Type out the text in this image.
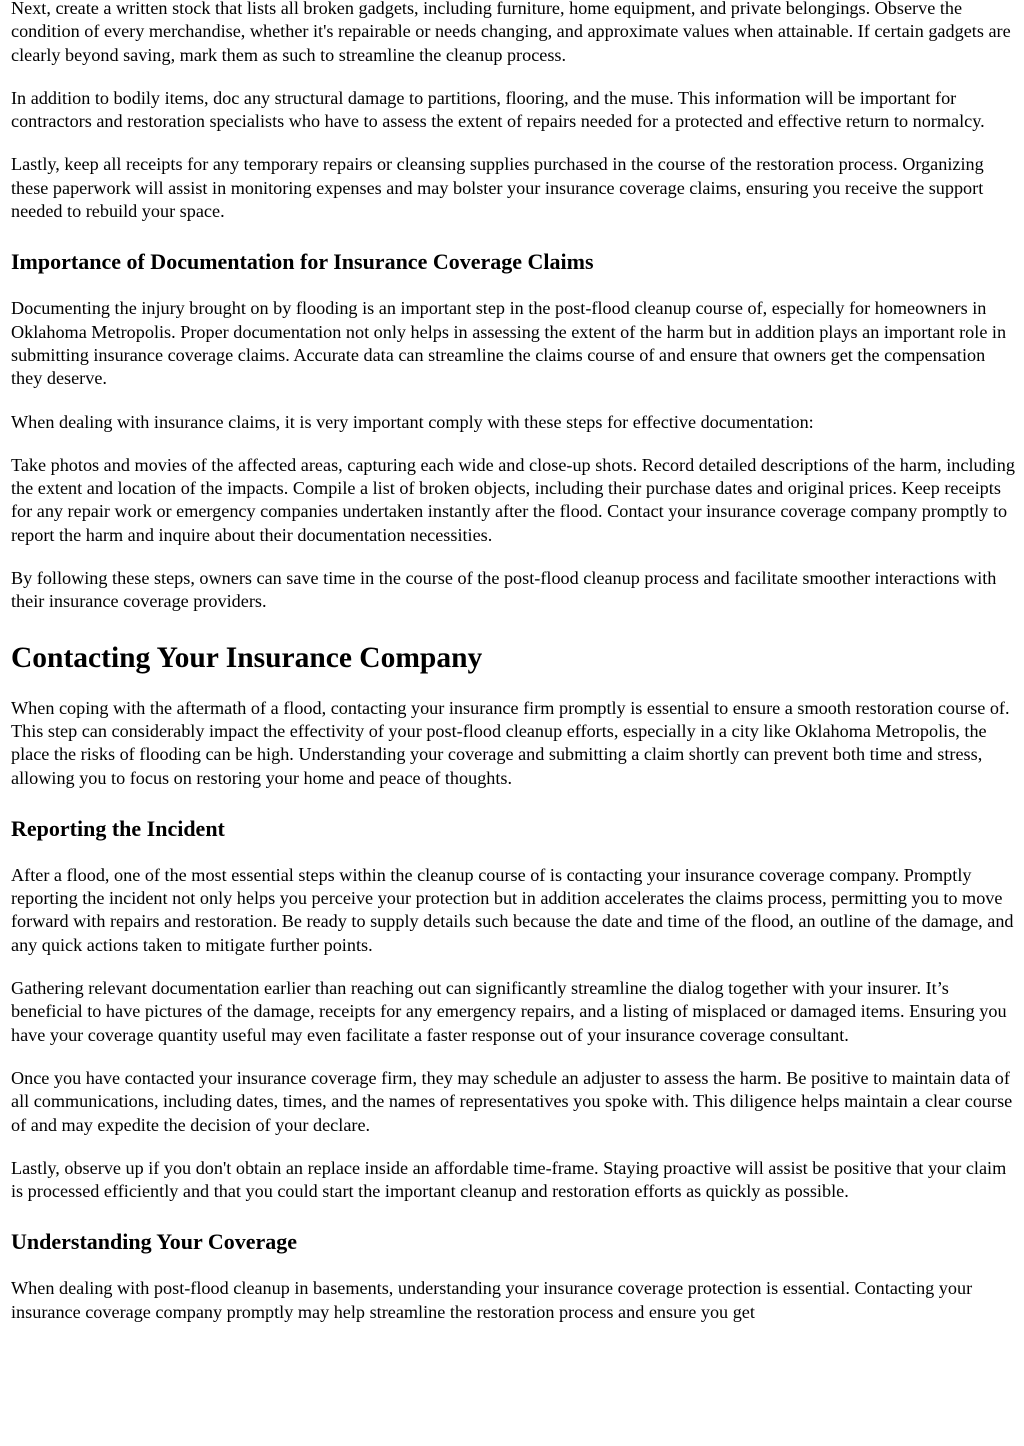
Next, create a written stock that lists all broken gadgets, including furniture, home equipment, and private belongings. Observe the condition of every merchandise, whether it's repairable or needs changing, and approximate values when attainable. If certain gadgets are clearly beyond saving, mark them as such to streamline the cleanup process.

In addition to bodily items, doc any structural damage to partitions, flooring, and the muse. This information will be important for contractors and restoration specialists who have to assess the extent of repairs needed for a protected and effective return to normalcy.

Lastly, keep all receipts for any temporary repairs or cleansing supplies purchased in the course of the restoration process. Organizing these paperwork will assist in monitoring expenses and may bolster your insurance coverage claims, ensuring you receive the support needed to rebuild your space.

Importance of Documentation for Insurance Coverage Claims

Documenting the injury brought on by flooding is an important step in the post-flood cleanup course of, especially for homeowners in Oklahoma Metropolis. Proper documentation not only helps in assessing the extent of the harm but in addition plays an important role in submitting insurance coverage claims. Accurate data can streamline the claims course of and ensure that owners get the compensation they deserve.

When dealing with insurance claims, it is very important comply with these steps for effective documentation:

Take photos and movies of the affected areas, capturing each wide and close-up shots. Record detailed descriptions of the harm, including the extent and location of the impacts. Compile a list of broken objects, including their purchase dates and original prices. Keep receipts for any repair work or emergency companies undertaken instantly after the flood. Contact your insurance coverage company promptly to report the harm and inquire about their documentation necessities.

By following these steps, owners can save time in the course of the post-flood cleanup process and facilitate smoother interactions with their insurance coverage providers.

Contacting Your Insurance Company

When coping with the aftermath of a flood, contacting your insurance firm promptly is essential to ensure a smooth restoration course of. This step can considerably impact the effectivity of your post-flood cleanup efforts, especially in a city like Oklahoma Metropolis, the place the risks of flooding can be high. Understanding your coverage and submitting a claim shortly can prevent both time and stress, allowing you to focus on restoring your home and peace of thoughts.

Reporting the Incident

After a flood, one of the most essential steps within the cleanup course of is contacting your insurance coverage company. Promptly reporting the incident not only helps you perceive your protection but in addition accelerates the claims process, permitting you to move forward with repairs and restoration. Be ready to supply details such because the date and time of the flood, an outline of the damage, and any quick actions taken to mitigate further points.

Gathering relevant documentation earlier than reaching out can significantly streamline the dialog together with your insurer. It’s beneficial to have pictures of the damage, receipts for any emergency repairs, and a listing of misplaced or damaged items. Ensuring you have your coverage quantity useful may even facilitate a faster response out of your insurance coverage consultant.

Once you have contacted your insurance coverage firm, they may schedule an adjuster to assess the harm. Be positive to maintain data of all communications, including dates, times, and the names of representatives you spoke with. This diligence helps maintain a clear course of and may expedite the decision of your declare.

Lastly, observe up if you don't obtain an replace inside an affordable time-frame. Staying proactive will assist be positive that your claim is processed efficiently and that you could start the important cleanup and restoration efforts as quickly as possible.

Understanding Your Coverage

When dealing with post-flood cleanup in basements, understanding your insurance coverage protection is essential. Contacting your insurance coverage company promptly may help streamline the restoration process and ensure you get
